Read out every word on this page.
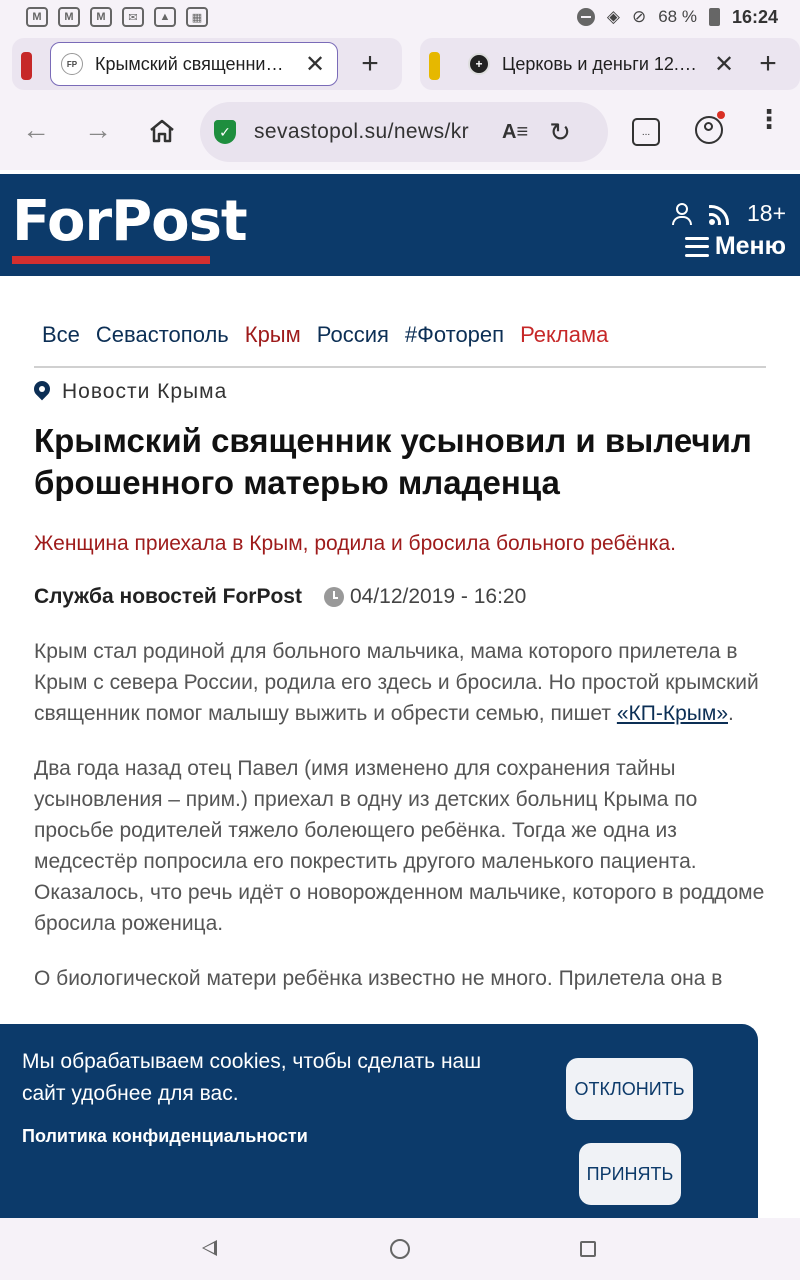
M	M	M	✉	▲	▦	◈ ⊘ 68 % 16:24
FP Крымский священни… ✕ +	+	Церковь и деньги 12.… ✕ +
← →	✓ sevastopol.su/news/kr	A≡ ↻	...	⋮
ForPost	18+
Меню
Все Севастополь Крым Россия #Фотореп Реклама
Новости Крыма
Крымский священник усыновил и вылечил брошенного матерью младенца
Женщина приехала в Крым, родила и бросила больного ребёнка.
Служба новостей ForPost 04/12/2019 - 16:20

Крым стал родиной для больного мальчика, мама которого прилетела в Крым с севера России, родила его здесь и бросила. Но простой крымский священник помог малышу выжить и обрести семью, пишет «КП-Крым».

Два года назад отец Павел (имя изменено для сохранения тайны усыновления – прим.) приехал в одну из детских больниц Крыма по просьбе родителей тяжело болеющего ребёнка. Тогда же одна из медсестёр попросила его покрестить другого маленького пациента. Оказалось, что речь идёт о новорожденном мальчике, которого в роддоме бросила роженица.

О биологической матери ребёнка известно не много. Прилетела она в

Мы обрабатываем cookies, чтобы сделать наш сайт удобнее для вас.
Политика конфиденциальности
ОТКЛОНИТЬ
ПРИНЯТЬ
